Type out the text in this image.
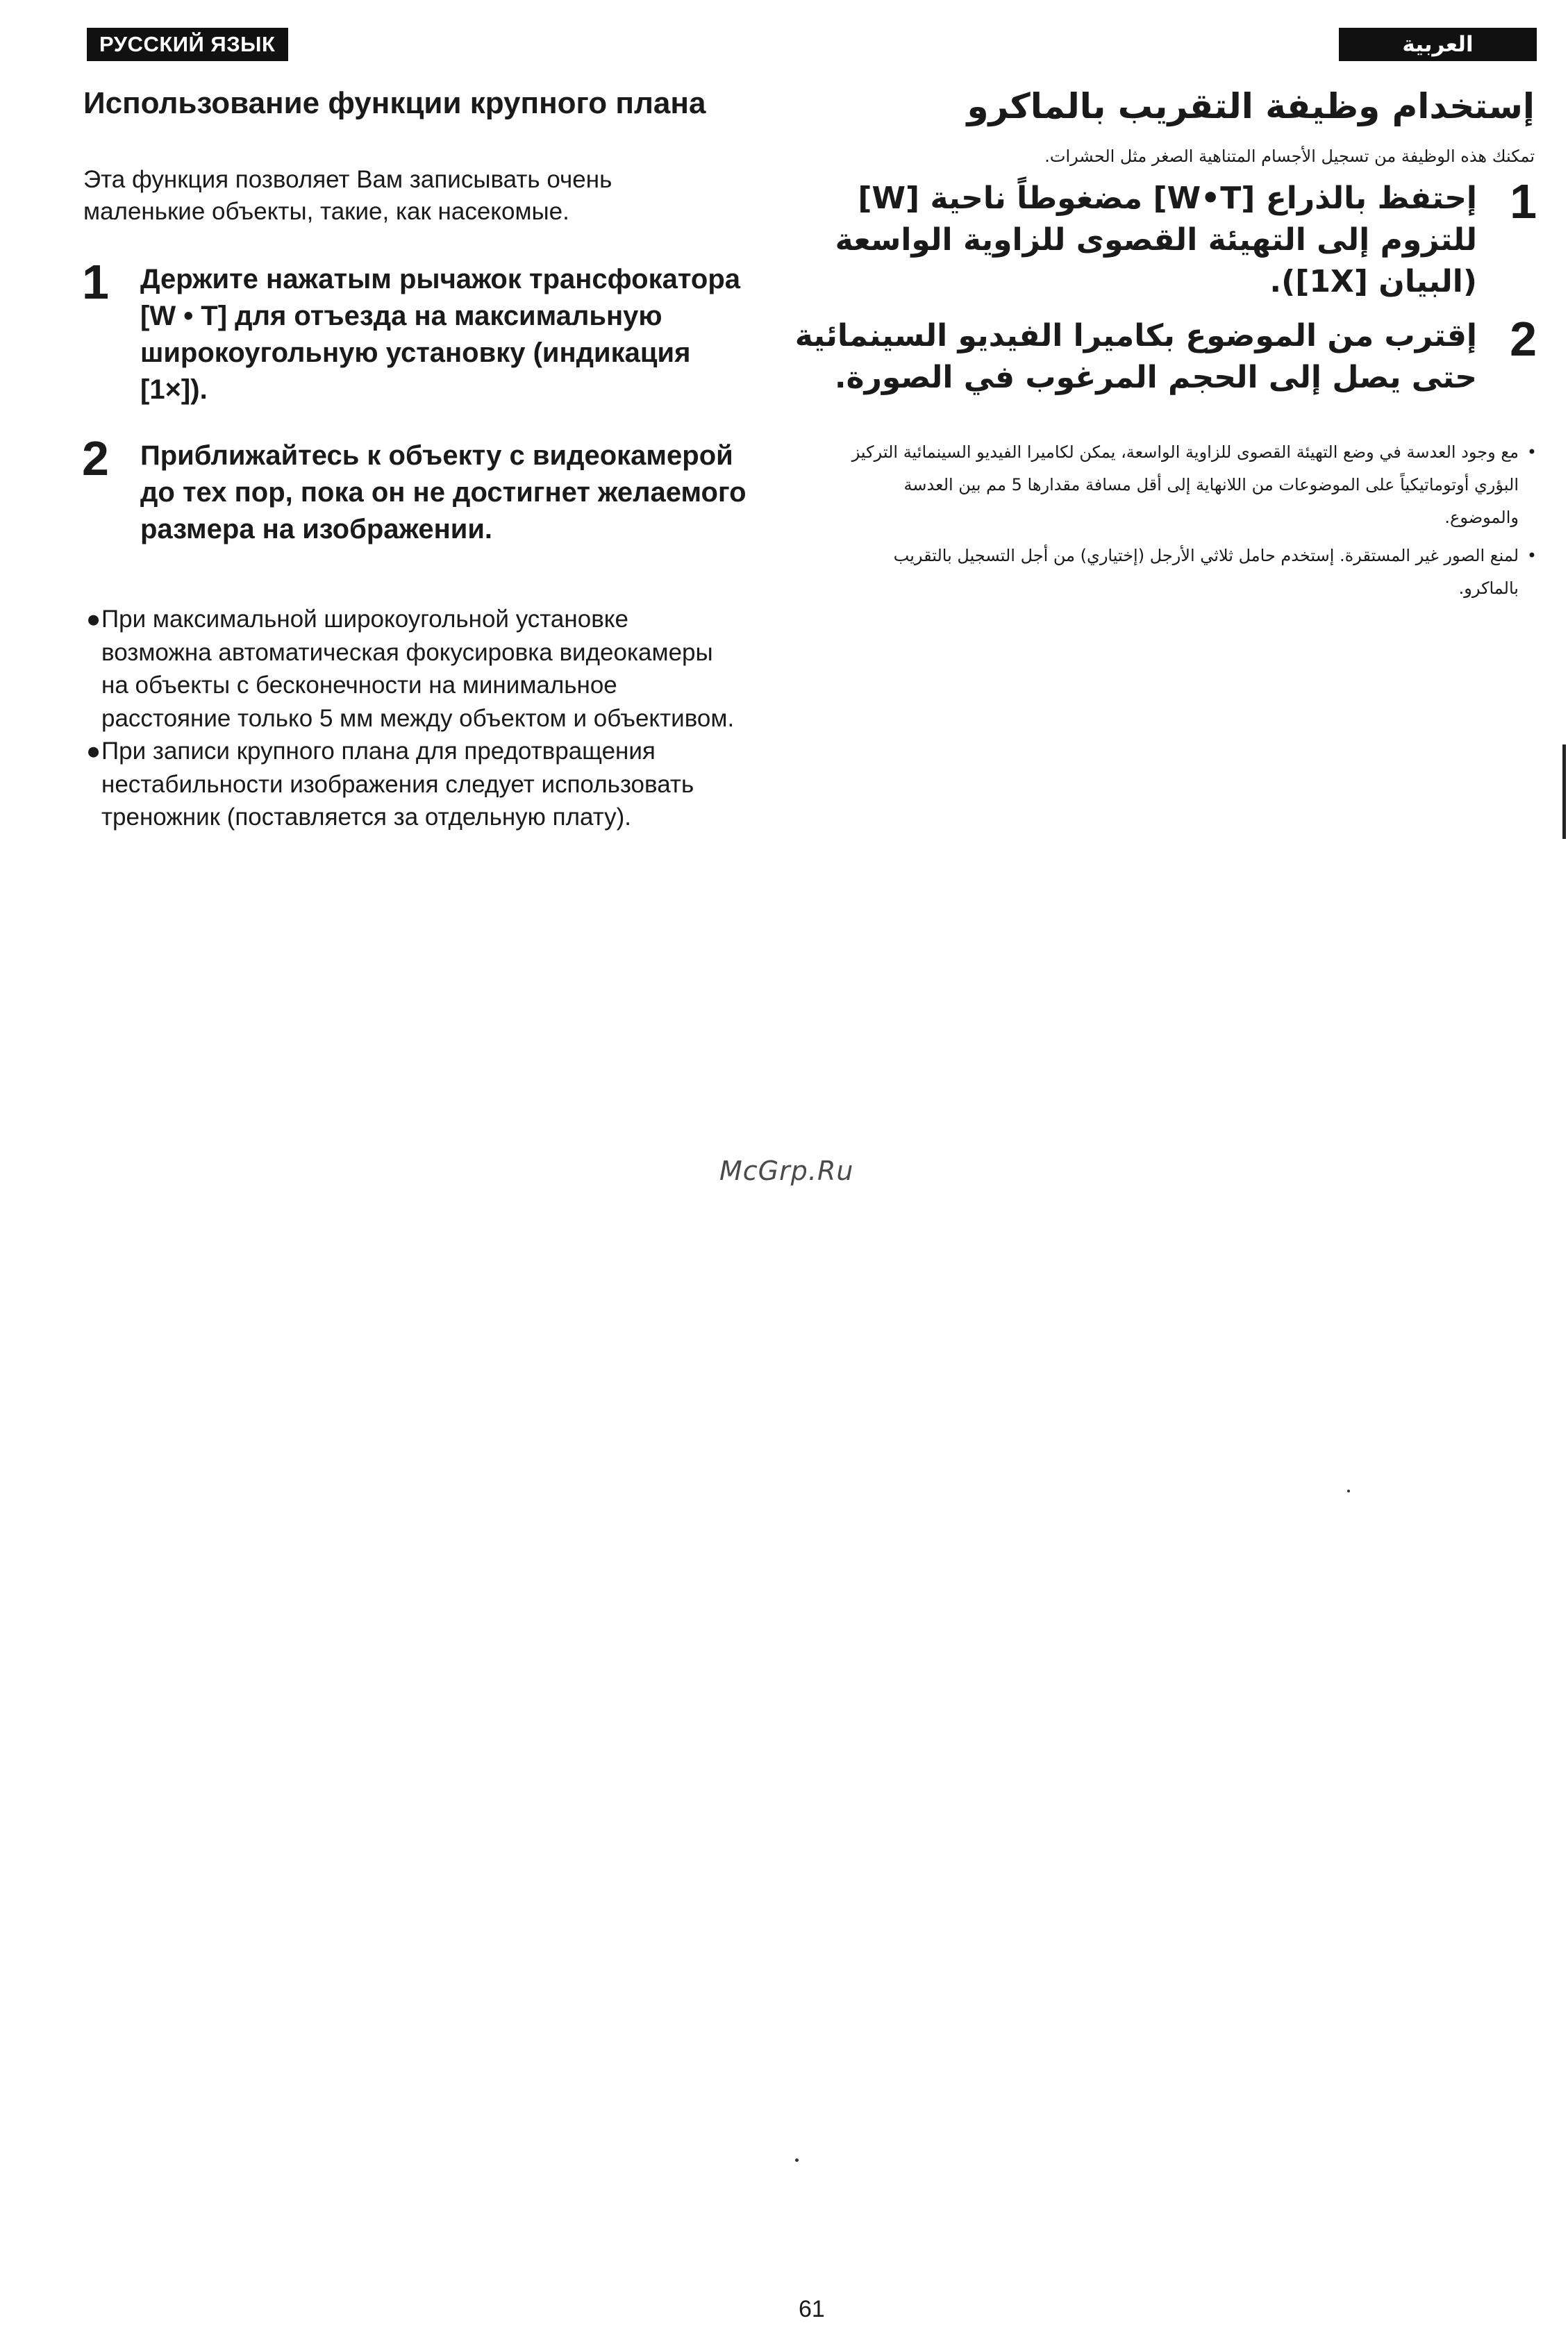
РУССКИЙ ЯЗЫК	العربية
Использование функции крупного плана

Эта функция позволяет Вам записывать очень маленькие объекты, такие, как насекомые.

1 Держите нажатым рычажок трансфокатора [W • T] для отъезда на максимальную широкоугольную установку (индикация [1×]).

2 Приближайтесь к объекту с видеокамерой до тех пор, пока он не достигнет желаемого размера на изображении.

● При максимальной широкоугольной установке возможна автоматическая фокусировка видеокамеры на объекты с бесконечности на минимальное расстояние только 5 мм между объектом и объективом.
● При записи крупного плана для предотвращения нестабильности изображения следует использовать треножник (поставляется за отдельную плату).
إستخدام وظيفة التقريب بالماكرو

تمكنك هذه الوظيفة من تسجيل الأجسام المتناهية الصغر مثل الحشرات.

1

إحتفظ بالذراع [W•T] مضغوطاً ناحية [W] للتزوم إلى التهيئة القصوى للزاوية الواسعة (البيان [1X]).

2

إقترب من الموضوع بكاميرا الفيديو السينمائية حتى يصل إلى الحجم المرغوب في الصورة.

•
مع وجود العدسة في وضع التهيئة القصوى للزاوية الواسعة، يمكن لكاميرا الفيديو السينمائية التركيز البؤري أوتوماتيكياً على الموضوعات من اللانهاية إلى أقل مسافة مقدارها 5 مم بين العدسة والموضوع.
•
لمنع الصور غير المستقرة. إستخدم حامل ثلاثي الأرجل (إختياري) من أجل التسجيل بالتقريب بالماكرو.
McGrp.Ru
61
